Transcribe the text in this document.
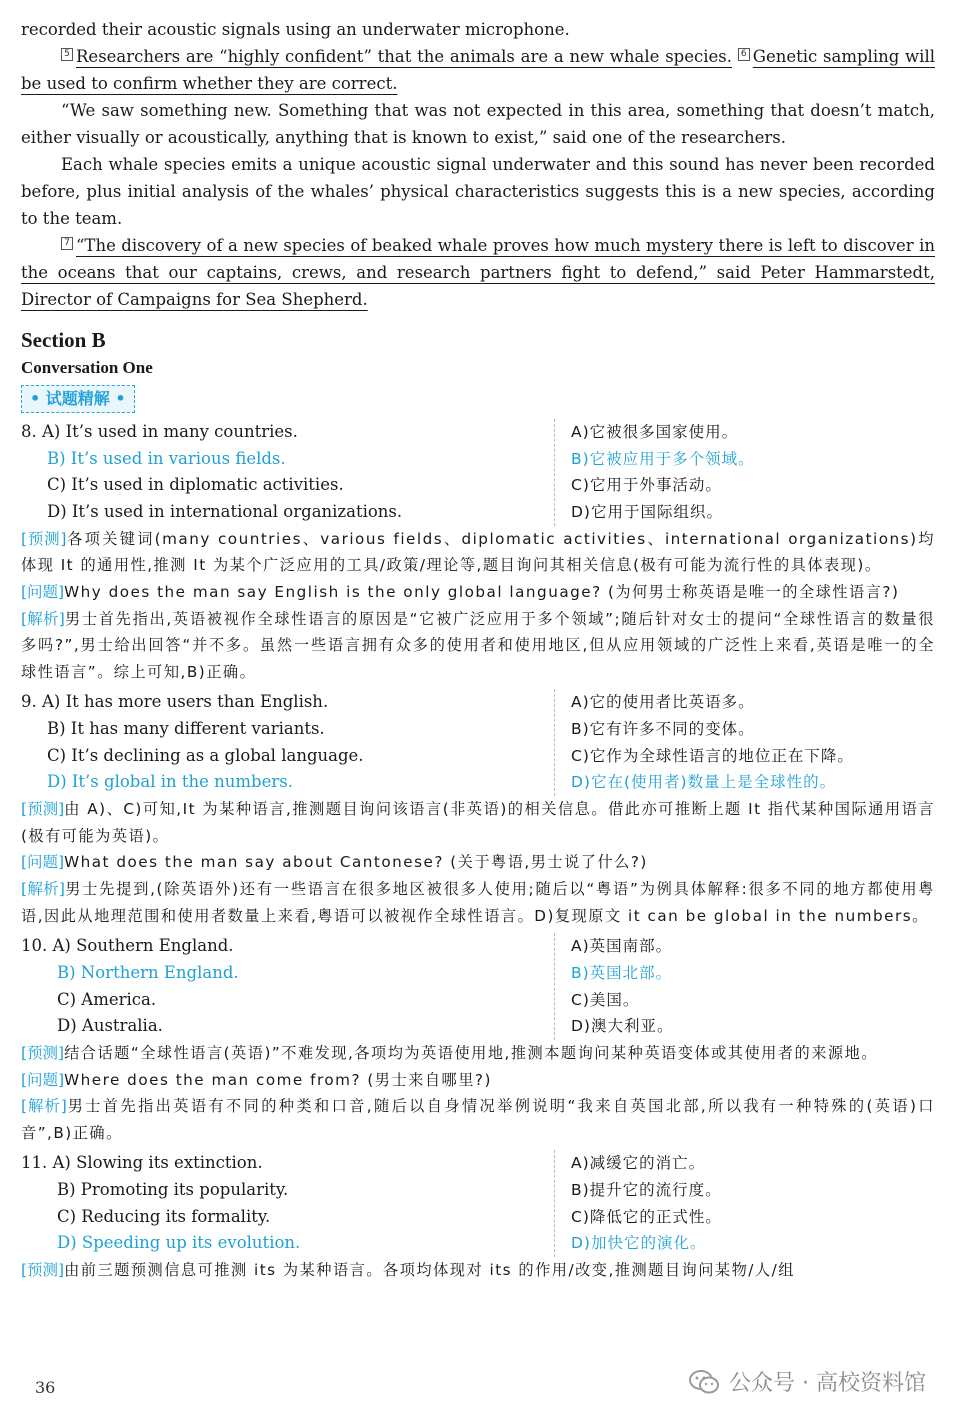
recorded their acoustic signals using an underwater microphone.

5 Researchers are “highly confident” that the animals are a new whale species. 6 Genetic sampling will be used to confirm whether they are correct.

“We saw something new. Something that was not expected in this area, something that doesn’t match, either visually or acoustically, anything that is known to exist,” said one of the researchers.

Each whale species emits a unique acoustic signal underwater and this sound has never been recorded before, plus initial analysis of the whales’ physical characteristics suggests this is a new species, according to the team.

7 “The discovery of a new species of beaked whale proves how much mystery there is left to discover in the oceans that our captains, crews, and research partners fight to defend,” said Peter Hammarstedt, Director of Campaigns for Sea Shepherd.

Section B
Conversation One
• 试题精解 •
8. A) It’s used in many countries.
B) It’s used in various fields.
C) It’s used in diplomatic activities.
D) It’s used in international organizations.
A)它被很多国家使用。
B)它被应用于多个领域。
C)它用于外事活动。
D)它用于国际组织。

[预测]各项关键词(many countries、various fields、diplomatic activities、international organizations)均体现 It 的通用性,推测 It 为某个广泛应用的工具/政策/理论等,题目询问其相关信息(极有可能为流行性的具体表现)。

[问题]Why does the man say English is the only global language? (为何男士称英语是唯一的全球性语言?)

[解析]男士首先指出,英语被视作全球性语言的原因是“它被广泛应用于多个领域”;随后针对女士的提问“全球性语言的数量很多吗?”,男士给出回答“并不多。虽然一些语言拥有众多的使用者和使用地区,但从应用领域的广泛性上来看,英语是唯一的全球性语言”。综上可知,B)正确。

9. A) It has more users than English.
B) It has many different variants.
C) It’s declining as a global language.
D) It’s global in the numbers.
A)它的使用者比英语多。
B)它有许多不同的变体。
C)它作为全球性语言的地位正在下降。
D)它在(使用者)数量上是全球性的。

[预测]由 A)、C)可知,It 为某种语言,推测题目询问该语言(非英语)的相关信息。借此亦可推断上题 It 指代某种国际通用语言(极有可能为英语)。

[问题]What does the man say about Cantonese? (关于粤语,男士说了什么?)

[解析]男士先提到,(除英语外)还有一些语言在很多地区被很多人使用;随后以“粤语”为例具体解释:很多不同的地方都使用粤语,因此从地理范围和使用者数量上来看,粤语可以被视作全球性语言。D)复现原文 it can be global in the numbers。

10. A) Southern England.
B) Northern England.
C) America.
D) Australia.
A)英国南部。
B)英国北部。
C)美国。
D)澳大利亚。

[预测]结合话题“全球性语言(英语)”不难发现,各项均为英语使用地,推测本题询问某种英语变体或其使用者的来源地。

[问题]Where does the man come from? (男士来自哪里?)

[解析]男士首先指出英语有不同的种类和口音,随后以自身情况举例说明“我来自英国北部,所以我有一种特殊的(英语)口音”,B)正确。

11. A) Slowing its extinction.
B) Promoting its popularity.
C) Reducing its formality.
D) Speeding up its evolution.
A)减缓它的消亡。
B)提升它的流行度。
C)降低它的正式性。
D)加快它的演化。

[预测]由前三题预测信息可推测 its 为某种语言。各项均体现对 its 的作用/改变,推测题目询问某物/人/组

36	公众号 · 高校资料馆
